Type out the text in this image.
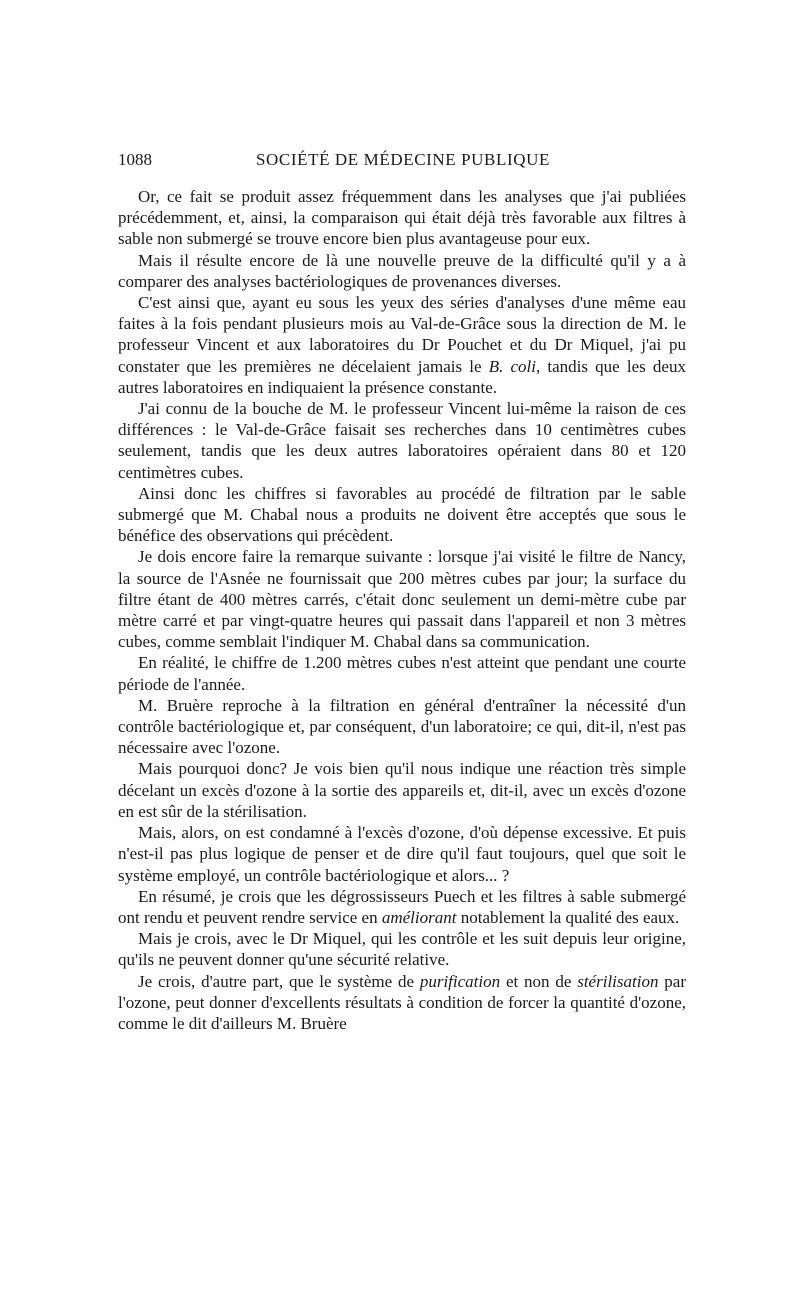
1088	SOCIÉTÉ DE MÉDECINE PUBLIQUE

Or, ce fait se produit assez fréquemment dans les analyses que j'ai publiées précédemment, et, ainsi, la comparaison qui était déjà très favorable aux filtres à sable non submergé se trouve encore bien plus avantageuse pour eux.

Mais il résulte encore de là une nouvelle preuve de la difficulté qu'il y a à comparer des analyses bactériologiques de provenances diverses.

C'est ainsi que, ayant eu sous les yeux des séries d'analyses d'une même eau faites à la fois pendant plusieurs mois au Val-de-Grâce sous la direction de M. le professeur Vincent et aux laboratoires du Dr Pouchet et du Dr Miquel, j'ai pu constater que les premières ne décelaient jamais le B. coli, tandis que les deux autres laboratoires en indiquaient la présence constante.

J'ai connu de la bouche de M. le professeur Vincent lui-même la raison de ces différences : le Val-de-Grâce faisait ses recherches dans 10 centimètres cubes seulement, tandis que les deux autres laboratoires opéraient dans 80 et 120 centimètres cubes.

Ainsi donc les chiffres si favorables au procédé de filtration par le sable submergé que M. Chabal nous a produits ne doivent être acceptés que sous le bénéfice des observations qui précèdent.

Je dois encore faire la remarque suivante : lorsque j'ai visité le filtre de Nancy, la source de l'Asnée ne fournissait que 200 mètres cubes par jour; la surface du filtre étant de 400 mètres carrés, c'était donc seulement un demi-mètre cube par mètre carré et par vingt-quatre heures qui passait dans l'appareil et non 3 mètres cubes, comme semblait l'indiquer M. Chabal dans sa communication.

En réalité, le chiffre de 1.200 mètres cubes n'est atteint que pendant une courte période de l'année.

M. Bruère reproche à la filtration en général d'entraîner la nécessité d'un contrôle bactériologique et, par conséquent, d'un laboratoire; ce qui, dit-il, n'est pas nécessaire avec l'ozone.

Mais pourquoi donc? Je vois bien qu'il nous indique une réaction très simple décelant un excès d'ozone à la sortie des appareils et, dit-il, avec un excès d'ozone en est sûr de la stérilisation.

Mais, alors, on est condamné à l'excès d'ozone, d'où dépense excessive. Et puis n'est-il pas plus logique de penser et de dire qu'il faut toujours, quel que soit le système employé, un contrôle bactériologique et alors... ?

En résumé, je crois que les dégrossisseurs Puech et les filtres à sable submergé ont rendu et peuvent rendre service en améliorant notablement la qualité des eaux.

Mais je crois, avec le Dr Miquel, qui les contrôle et les suit depuis leur origine, qu'ils ne peuvent donner qu'une sécurité relative.

Je crois, d'autre part, que le système de purification et non de stérilisation par l'ozone, peut donner d'excellents résultats à condition de forcer la quantité d'ozone, comme le dit d'ailleurs M. Bruère
